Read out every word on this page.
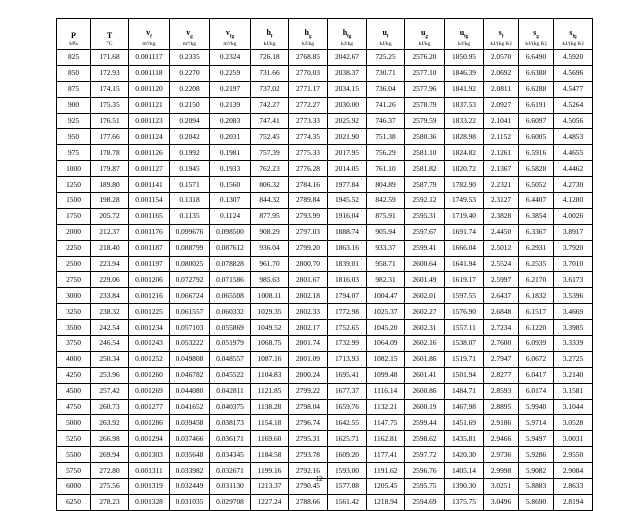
P	T	$v_f$	$v_g$	$v_{fg}$	$h_f$	$h_g$	$h_{fg}$	$u_f$	$u_g$	$u_{fg}$	$s_f$	$s_g$	$s_{fg}$
kPa	°C	m³/kg	m³/kg	m³/kg	kJ/kg	kJ/kg	kJ/kg	kJ/kg	kJ/kg	kJ/kg	kJ/(kg K)	kJ/(kg K)	kJ/(kg K)
825	171.68	0.001117	0.2335	0.2324	726.18	2768.85	2042.67	725.25	2576.20	1850.95	2.0570	6.6490	4.5920
850	172.93	0.001118	0.2270	0.2259	731.66	2770.03	2038.37	730.71	2577.10	1846.39	2.0692	6.6388	4.5696
875	174.15	0.001120	0.2208	0.2197	737.02	2771.17	2034.15	736.04	2577.96	1841.92	2.0811	6.6288	4.5477
900	175.35	0.001121	0.2150	0.2139	742.27	2772.27	2030.00	741.26	2578.79	1837.53	2.0927	6.6191	4.5264
925	176.51	0.001123	0.2094	0.2083	747.41	2773.33	2025.92	746.37	2579.59	1833.22	2.1041	6.6097	4.5056
950	177.66	0.001124	0.2042	0.2031	752.45	2774.35	2021.90	751.38	2580.36	1828.98	2.1152	6.6005	4.4853
975	178.78	0.001126	0.1992	0.1981	757.39	2775.33	2017.95	756.29	2581.10	1824.82	2.1261	6.5916	4.4655
1000	179.87	0.001127	0.1945	0.1933	762.23	2776.28	2014.05	761.10	2581.82	1820.72	2.1367	6.5828	4.4462
1250	189.80	0.001141	0.1571	0.1560	806.32	2784.16	1977.84	804.89	2587.79	1782.90	2.2321	6.5052	4.2730
1500	198.28	0.001154	0.1318	0.1307	844.32	2789.84	1945.52	842.59	2592.12	1749.53	2.3127	6.4407	4.1280
1750	205.72	0.001165	0.1135	0.1124	877.95	2793.99	1916.04	875.91	2595.31	1719.40	2.3828	6.3854	4.0026
2000	212.37	0.001176	0.099676	0.098500	908.29	2797.03	1888.74	905.94	2597.67	1691.74	2.4450	6.3367	3.8917
2250	218.40	0.001187	0.088799	0.087612	936.04	2799.20	1863.16	933.37	2599.41	1666.04	2.5012	6.2931	3.7920
2500	223.94	0.001197	0.080025	0.078828	961.70	2800.70	1839.01	958.71	2600.64	1641.94	2.5524	6.2535	3.7010
2750	229.06	0.001206	0.072792	0.071586	985.63	2801.67	1816.03	982.31	2601.49	1619.17	2.5997	6.2170	3.6173
3000	233.84	0.001216	0.066724	0.065508	1008.11	2802.18	1794.07	1004.47	2602.01	1597.55	2.6437	6.1832	3.5396
3250	238.32	0.001225	0.061557	0.060332	1029.35	2802.33	1772.98	1025.37	2602.27	1576.90	2.6848	6.1517	3.4669
3500	242.54	0.001234	0.057103	0.055869	1049.52	2802.17	1752.65	1045.20	2602.31	1557.11	2.7234	6.1220	3.3985
3750	246.54	0.001243	0.053222	0.051979	1068.75	2801.74	1732.99	1064.09	2602.16	1538.07	2.7600	6.0939	3.3339
4000	250.34	0.001252	0.049808	0.048557	1087.16	2801.09	1713.93	1082.15	2601.86	1519.71	2.7947	6.0672	3.2725
4250	253.96	0.001260	0.046782	0.045522	1104.83	2800.24	1695.41	1099.48	2601.41	1501.94	2.8277	6.0417	3.2140
4500	257.42	0.001269	0.044080	0.042811	1121.85	2799.22	1677.37	1116.14	2600.86	1484.71	2.8593	6.0174	3.1581
4750	260.73	0.001277	0.041652	0.040375	1138.28	2798.04	1659.76	1132.21	2600.19	1467.98	2.8895	5.9940	3.1044
5000	263.92	0.001286	0.039458	0.038173	1154.18	2796.74	1642.55	1147.75	2599.44	1451.69	2.9186	5.9714	3.0528
5250	266.98	0.001294	0.037466	0.036171	1169.60	2795.31	1625.71	1162.81	2598.62	1435.81	2.9466	5.9497	3.0031
5500	269.94	0.001303	0.035648	0.034345	1184.58	2793.78	1609.20	1177.41	2597.72	1420.30	2.9736	5.9286	2.9550
5750	272.80	0.001311	0.033982	0.032671	1199.16	2792.16	1593.00	1191.62	2596.76	1405.14	2.9998	5.9082	2.9084
6000	275.56	0.001319	0.032449	0.031130	1213.37	2790.45	1577.08	1205.45	2595.75	1390.30	3.0251	5.8883	2.8633
6250	278.23	0.001328	0.031035	0.029708	1227.24	2788.66	1561.42	1218.94	2594.69	1375.75	3.0496	5.8690	2.8194
12
